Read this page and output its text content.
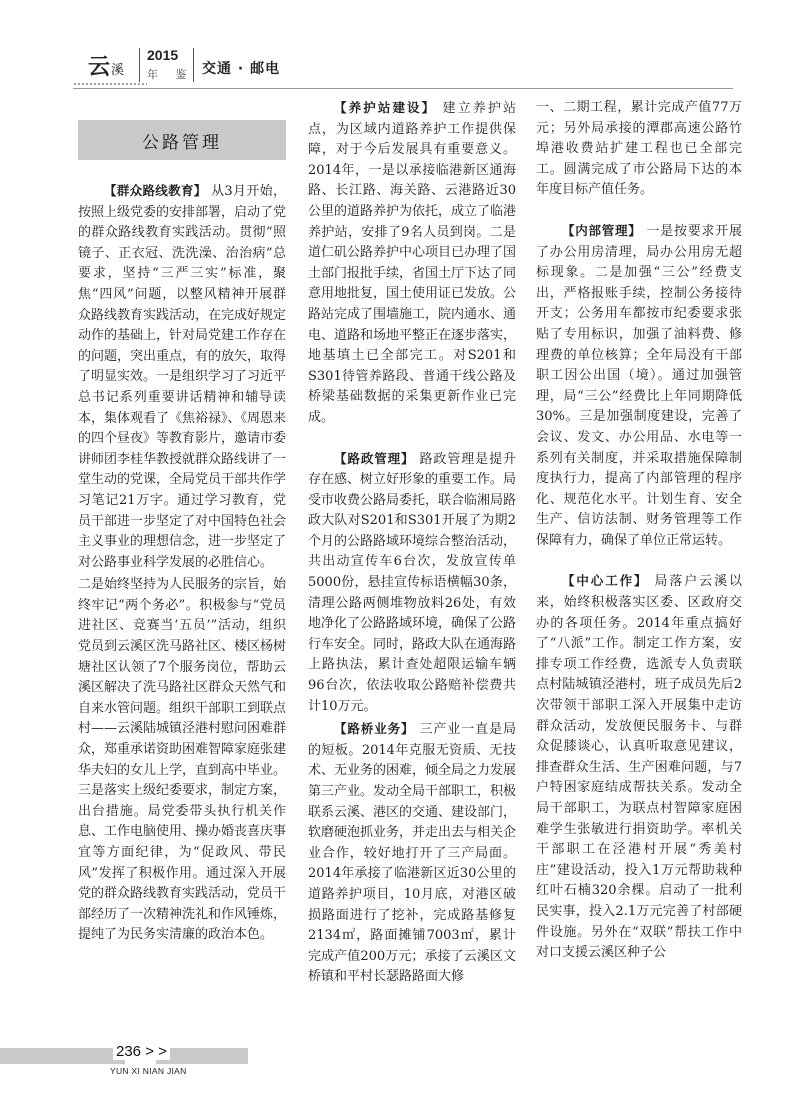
云溪
2015
年 鉴 交通 · 邮电
公路管理

【群众路线教育】 从3月开始，按照上级党委的安排部署，启动了党的群众路线教育实践活动。贯彻“照镜子、正衣冠、洗洗澡、治治病”总要求，坚持“三严三实”标准，聚焦“四风”问题，以整风精神开展群众路线教育实践活动，在完成好规定动作的基础上，针对局党建工作存在的问题，突出重点，有的放矢，取得了明显实效。一是组织学习了习近平总书记系列重要讲话精神和辅导读本，集体观看了《焦裕禄》、《周恩来的四个昼夜》等教育影片，邀请市委讲师团李桂华教授就群众路线讲了一堂生动的党课，全局党员干部共作学习笔记21万字。通过学习教育，党员干部进一步坚定了对中国特色社会主义事业的理想信念，进一步坚定了对公路事业科学发展的必胜信心。

二是始终坚持为人民服务的宗旨，始终牢记“两个务必”。积极参与“党员进社区、竞赛当‘五员’”活动，组织党员到云溪区洗马路社区、楼区杨树塘社区认领了7个服务岗位，帮助云溪区解决了洗马路社区群众天然气和自来水管问题。组织干部职工到联点村——云溪陆城镇泾港村慰问困难群众，郑重承诺资助困难智障家庭张建华夫妇的女儿上学，直到高中毕业。三是落实上级纪委要求，制定方案，出台措施。局党委带头执行机关作息、工作电脑使用、操办婚丧喜庆事宜等方面纪律，为“促政风、带民风”发挥了积极作用。通过深入开展党的群众路线教育实践活动，党员干部经历了一次精神洗礼和作风锤炼，提纯了为民务实清廉的政治本色。

【养护站建设】 建立养护站点，为区域内道路养护工作提供保障，对于今后发展具有重要意义。2014年，一是以承接临港新区通海路、长江路、海关路、云港路近30公里的道路养护为依托，成立了临港养护站，安排了9名人员到岗。二是道仁矶公路养护中心项目已办理了国土部门报批手续，省国土厅下达了同意用地批复，国土使用证已发放。公路站完成了围墙施工，院内通水、通电、道路和场地平整正在逐步落实，地基填土已全部完工。对S201和S301待管养路段、普通干线公路及桥梁基础数据的采集更新作业已完成。

【路政管理】 路政管理是提升存在感、树立好形象的重要工作。局受市收费公路局委托，联合临湘局路政大队对S201和S301开展了为期2个月的公路路域环境综合整治活动，共出动宣传车6台次，发放宣传单5000份，悬挂宣传标语横幅30条，清理公路两侧堆物放料26处，有效地净化了公路路域环境，确保了公路行车安全。同时，路政大队在通海路上路执法，累计查处超限运输车辆96台次，依法收取公路赔补偿费共计10万元。

【路桥业务】 三产业一直是局的短板。2014年克服无资质、无技术、无业务的困难，倾全局之力发展第三产业。发动全局干部职工，积极联系云溪、港区的交通、建设部门，软磨硬泡抓业务，并走出去与相关企业合作，较好地打开了三产局面。2014年承接了临港新区近30公里的道路养护项目，10月底，对港区破损路面进行了挖补，完成路基修复2134㎡，路面摊铺7003㎡，累计完成产值200万元；承接了云溪区文桥镇和平村长瑟路路面大修

一、二期工程，累计完成产值77万元；另外局承接的潭郡高速公路竹埠港收费站扩建工程也已全部完工。圆满完成了市公路局下达的本年度目标产值任务。

【内部管理】 一是按要求开展了办公用房清理，局办公用房无超标现象。二是加强“三公”经费支出，严格报账手续，控制公务接待开支；公务用车都按市纪委要求张贴了专用标识，加强了油料费、修理费的单位核算；全年局没有干部职工因公出国（境）。通过加强管理，局“三公”经费比上年同期降低30%。三是加强制度建设，完善了会议、发文、办公用品、水电等一系列有关制度，并采取措施保障制度执行力，提高了内部管理的程序化、规范化水平。计划生育、安全生产、信访法制、财务管理等工作保障有力，确保了单位正常运转。

【中心工作】 局落户云溪以来，始终积极落实区委、区政府交办的各项任务。2014年重点搞好了“八派”工作。制定工作方案，安排专项工作经费，选派专人负责联点村陆城镇泾港村，班子成员先后2次带领干部职工深入开展集中走访群众活动，发放便民服务卡、与群众促膝谈心，认真听取意见建议，排查群众生活、生产困难问题，与7户特困家庭结成帮扶关系。发动全局干部职工，为联点村智障家庭困难学生张敏进行捐资助学。率机关干部职工在泾港村开展“秀美村庄”建设活动，投入1万元帮助栽种红叶石楠320余棵。启动了一批利民实事，投入2.1万元完善了村部硬件设施。另外在“双联”帮扶工作中对口支援云溪区种子公

236 > >
YUN XI NIAN JIAN
